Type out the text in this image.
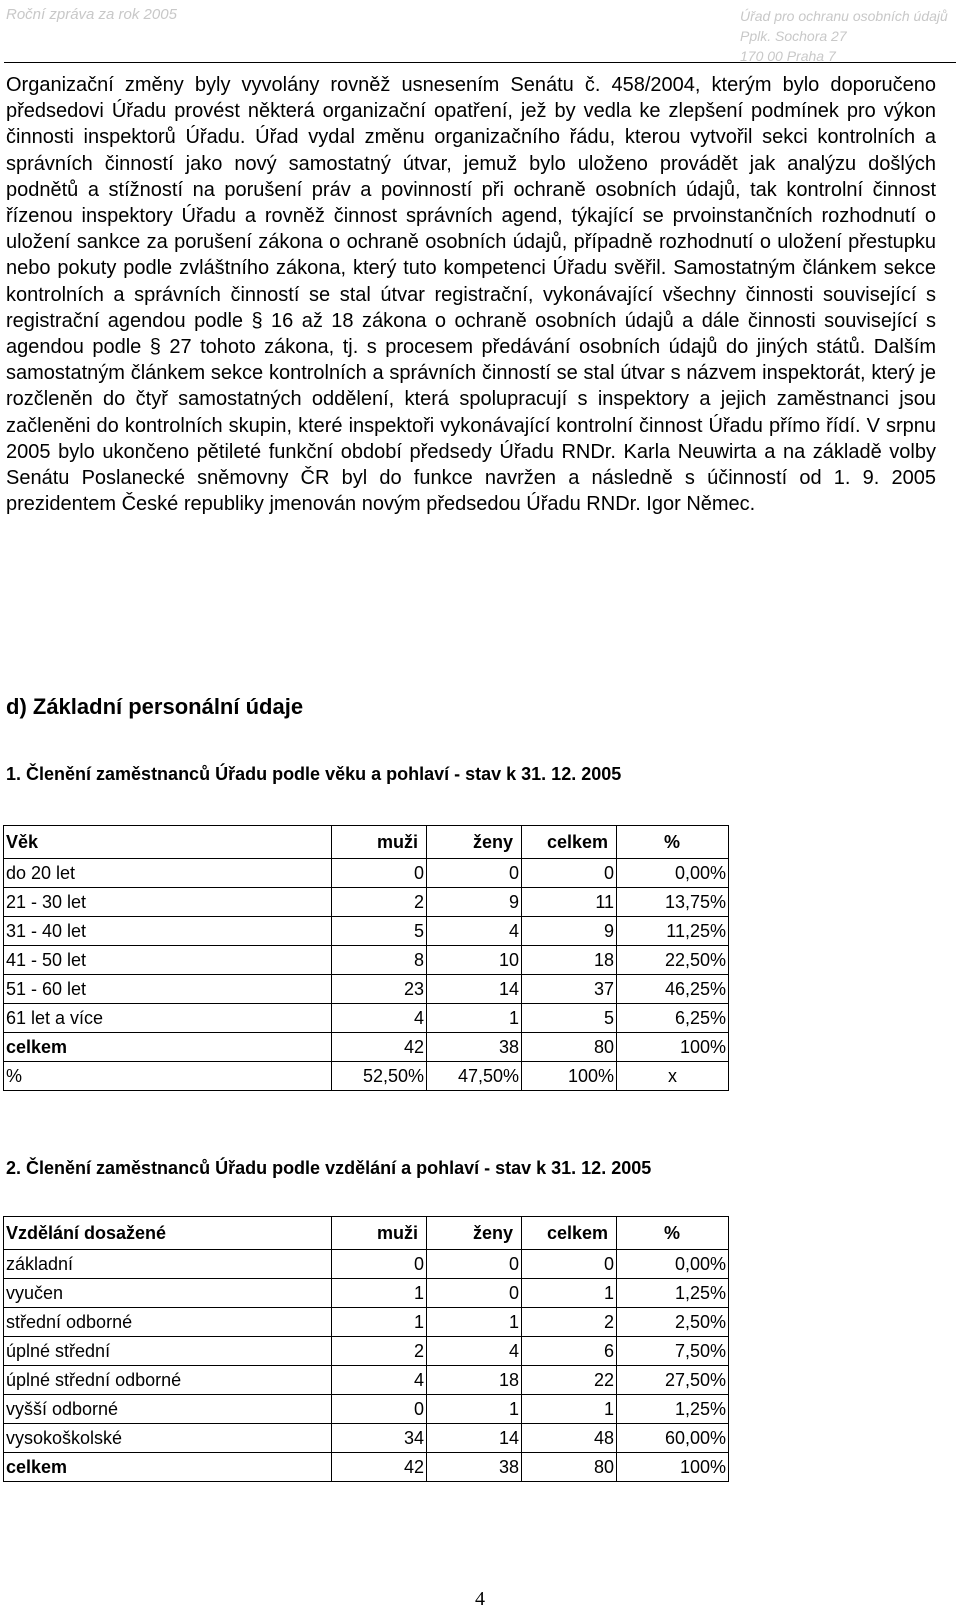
Roční zpráva za rok 2005	Úřad pro ochranu osobních údajů
Pplk. Sochora 27
170 00 Praha 7

Organizační změny byly vyvolány rovněž usnesením Senátu č. 458/2004, kterým bylo doporučeno předsedovi Úřadu provést některá organizační opatření, jež by vedla ke zlepšení podmínek pro výkon činnosti inspektorů Úřadu. Úřad vydal změnu organizačního řádu, kterou vytvořil sekci kontrolních a správních činností jako nový samostatný útvar, jemuž bylo uloženo provádět jak analýzu došlých podnětů a stížností na porušení práv a povinností při ochraně osobních údajů, tak kontrolní činnost řízenou inspektory Úřadu a rovněž činnost správních agend, týkající se prvoinstančních rozhodnutí o uložení sankce za porušení zákona o ochraně osobních údajů, případně rozhodnutí o uložení přestupku nebo pokuty podle zvláštního zákona, který tuto kompetenci Úřadu svěřil. Samostatným článkem sekce kontrolních a správních činností se stal útvar registrační, vykonávající všechny činnosti související s registrační agendou podle § 16 až 18 zákona o ochraně osobních údajů a dále činnosti související s agendou podle § 27 tohoto zákona, tj. s procesem předávání osobních údajů do jiných států. Dalším samostatným článkem sekce kontrolních a správních činností se stal útvar s názvem inspektorát, který je rozčleněn do čtyř samostatných oddělení, která spolupracují s inspektory a jejich zaměstnanci jsou začleněni do kontrolních skupin, které inspektoři vykonávající kontrolní činnost Úřadu přímo řídí. V srpnu 2005 bylo ukončeno pětileté funkční období předsedy Úřadu RNDr. Karla Neuwirta a na základě volby Senátu Poslanecké sněmovny ČR byl do funkce navržen a následně s účinností od 1. 9. 2005 prezidentem České republiky jmenován novým předsedou Úřadu RNDr. Igor Němec.

d) Základní personální údaje
1. Členění zaměstnanců Úřadu podle věku a pohlaví - stav k 31. 12. 2005
Věk	muži	ženy	celkem	%
do 20 let	0	0	0	0,00%
21 - 30 let	2	9	11	13,75%
31 - 40 let	5	4	9	11,25%
41 - 50 let	8	10	18	22,50%
51 - 60 let	23	14	37	46,25%
61 let a více	4	1	5	6,25%
celkem	42	38	80	100%
%	52,50%	47,50%	100%	x
2. Členění zaměstnanců Úřadu podle vzdělání a pohlaví - stav k 31. 12. 2005
Vzdělání dosažené	muži	ženy	celkem	%
základní	0	0	0	0,00%
vyučen	1	0	1	1,25%
střední odborné	1	1	2	2,50%
úplné střední	2	4	6	7,50%
úplné střední odborné	4	18	22	27,50%
vyšší odborné	0	1	1	1,25%
vysokoškolské	34	14	48	60,00%
celkem	42	38	80	100%
4
